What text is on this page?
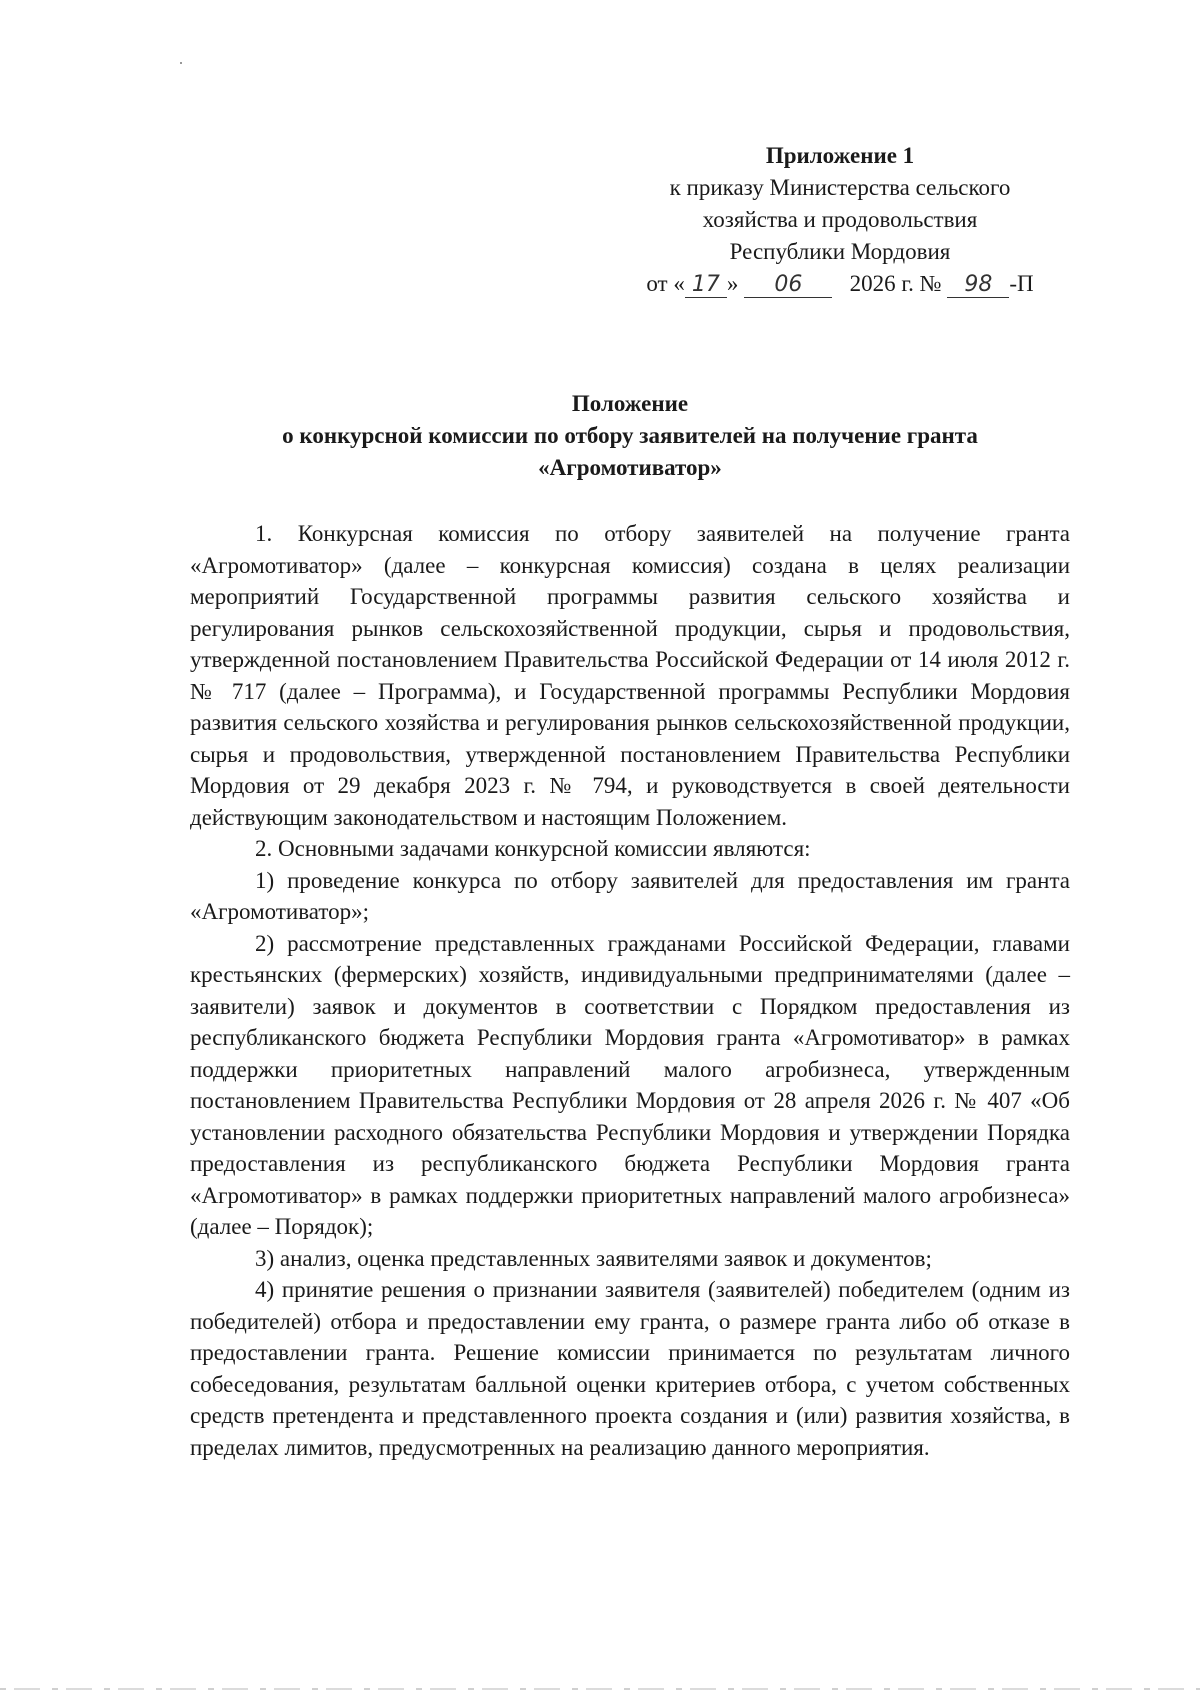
Приложение 1
к приказу Министерства сельского
хозяйства и продовольствия
Республики Мордовия
от « 17 » 06 2026 г. № 98 -П
Положение
о конкурсной комиссии по отбору заявителей на получение гранта
«Агромотиватор»

1. Конкурсная комиссия по отбору заявителей на получение гранта «Агромотиватор» (далее – конкурсная комиссия) создана в целях реализации мероприятий Государственной программы развития сельского хозяйства и регулирования рынков сельскохозяйственной продукции, сырья и продовольствия, утвержденной постановлением Правительства Российской Федерации от 14 июля 2012 г. № 717 (далее – Программа), и Государственной программы Республики Мордовия развития сельского хозяйства и регулирования рынков сельскохозяйственной продукции, сырья и продовольствия, утвержденной постановлением Правительства Республики Мордовия от 29 декабря 2023 г. № 794, и руководствуется в своей деятельности действующим законодательством и настоящим Положением.

2. Основными задачами конкурсной комиссии являются:

1) проведение конкурса по отбору заявителей для предоставления им гранта «Агромотиватор»;

2) рассмотрение представленных гражданами Российской Федерации, главами крестьянских (фермерских) хозяйств, индивидуальными предпринимателями (далее – заявители) заявок и документов в соответствии с Порядком предоставления из республиканского бюджета Республики Мордовия гранта «Агромотиватор» в рамках поддержки приоритетных направлений малого агробизнеса, утвержденным постановлением Правительства Республики Мордовия от 28 апреля 2026 г. № 407 «Об установлении расходного обязательства Республики Мордовия и утверждении Порядка предоставления из республиканского бюджета Республики Мордовия гранта «Агромотиватор» в рамках поддержки приоритетных направлений малого агробизнеса» (далее – Порядок);

3) анализ, оценка представленных заявителями заявок и документов;

4) принятие решения о признании заявителя (заявителей) победителем (одним из победителей) отбора и предоставлении ему гранта, о размере гранта либо об отказе в предоставлении гранта. Решение комиссии принимается по результатам личного собеседования, результатам балльной оценки критериев отбора, с учетом собственных средств претендента и представленного проекта создания и (или) развития хозяйства, в пределах лимитов, предусмотренных на реализацию данного мероприятия.
